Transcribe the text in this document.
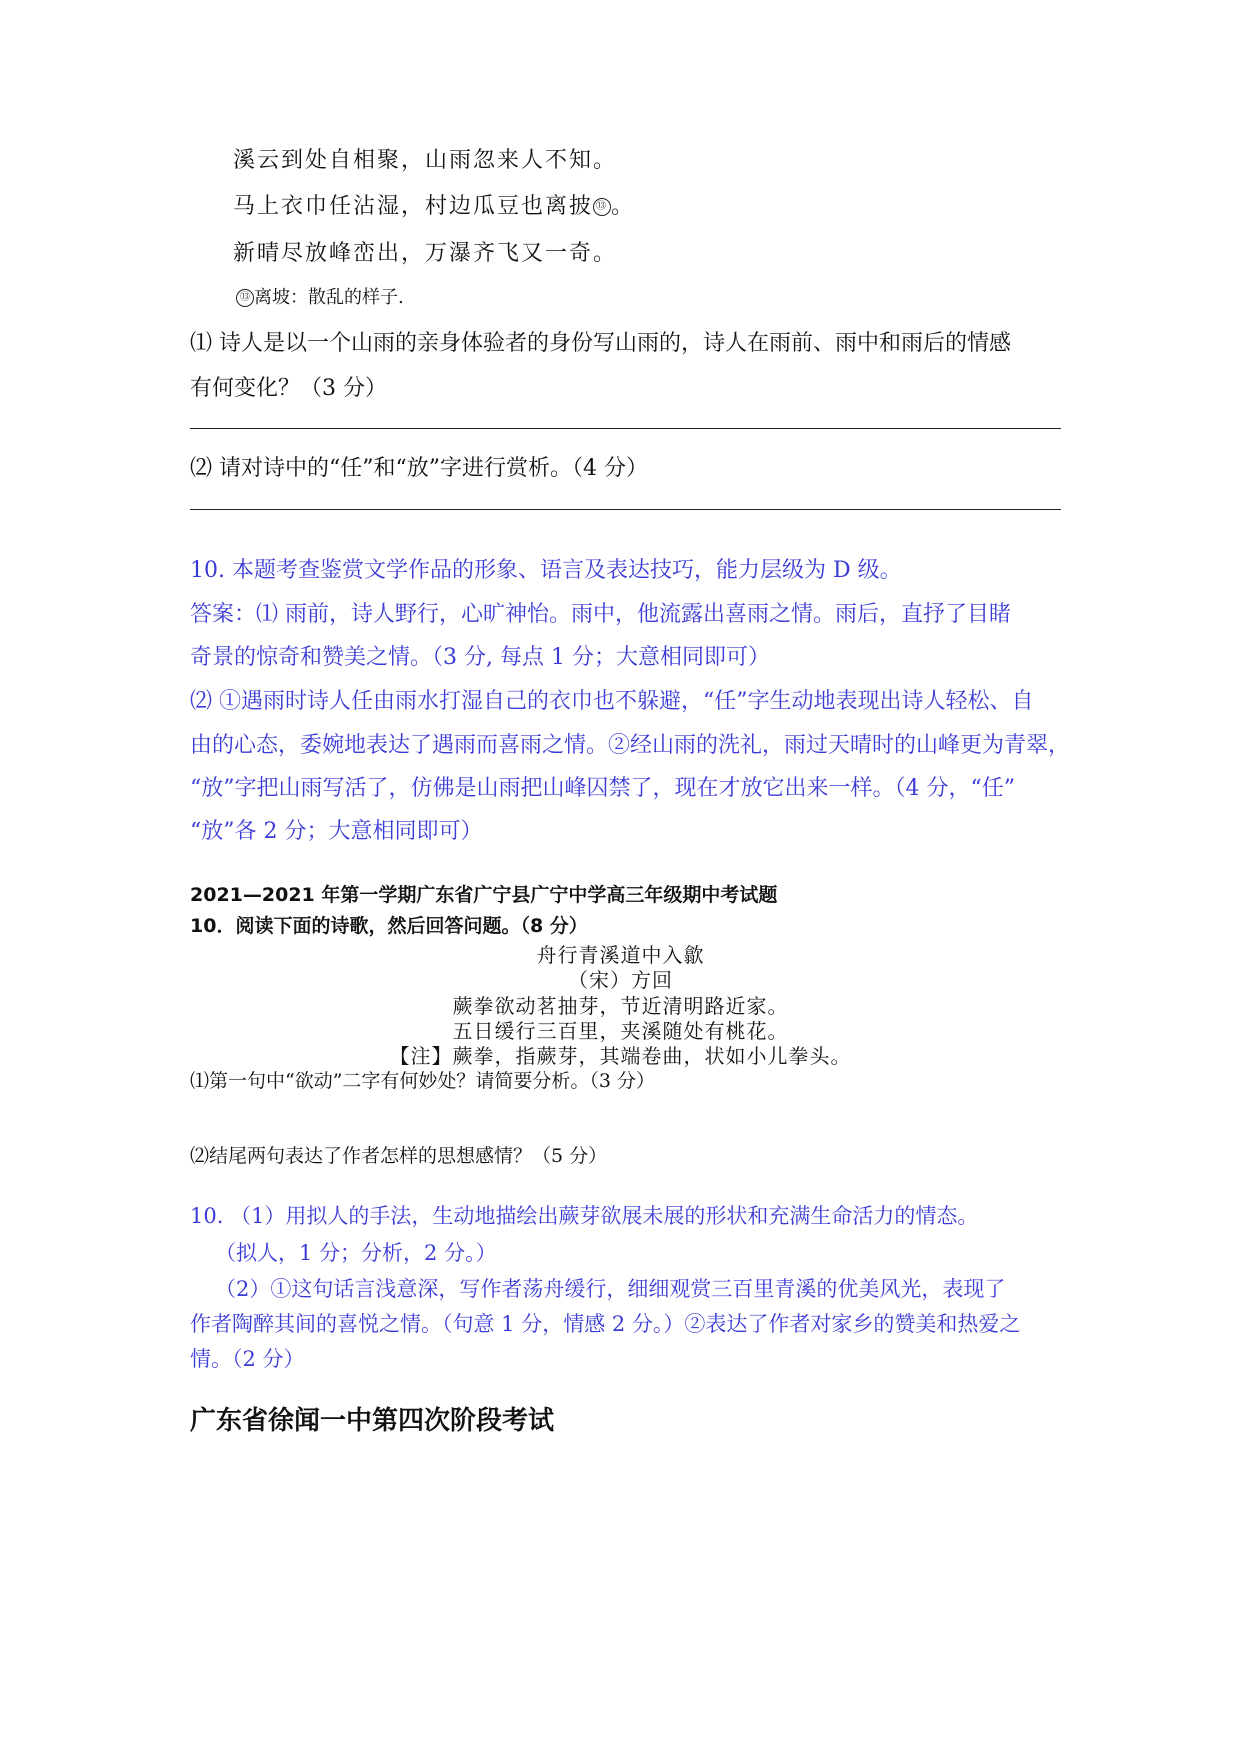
溪云到处自相聚，山雨忽来人不知。
马上衣巾任沾湿，村边瓜豆也离披 ⑬ 。
新晴尽放峰峦出，万瀑齐飞又一奇。
⑬ 离坡：散乱的样子.
⑴ 诗人是以一个山雨的亲身体验者的身份写山雨的，诗人在雨前、雨中和雨后的情感
有何变化？（3 分）
⑵ 请对诗中的“任”和“放”字进行赏析。（4 分）
10. 本题考查鉴赏文学作品的形象、语言及表达技巧，能力层级为 D 级。
答案：⑴ 雨前，诗人野行，心旷神怡。雨中，他流露出喜雨之情。雨后，直抒了目睹
奇景的惊奇和赞美之情。（3 分, 每点 1 分；大意相同即可）
⑵ ①遇雨时诗人任由雨水打湿自己的衣巾也不躲避，“任”字生动地表现出诗人轻松、自
由的心态，委婉地表达了遇雨而喜雨之情。②经山雨的洗礼，雨过天晴时的山峰更为青翠，
“放”字把山雨写活了，仿佛是山雨把山峰囚禁了，现在才放它出来一样。（4 分，“任”
“放”各 2 分；大意相同即可）
2021—2021 年第一学期广东省广宁县广宁中学高三年级期中考试题
10．阅读下面的诗歌，然后回答问题。（8 分）
舟行青溪道中入歙
（宋）方回
蕨拳欲动茗抽芽，节近清明路近家。
五日缓行三百里，夹溪随处有桃花。
【注】蕨拳，指蕨芽，其端卷曲，状如小儿拳头。
⑴第一句中“欲动”二字有何妙处？请简要分析。（3 分）
⑵结尾两句表达了作者怎样的思想感情？（5 分）
10. （1）用拟人的手法，生动地描绘出蕨芽欲展未展的形状和充满生命活力的情态。
（拟人，1 分；分析，2 分。）
（2）①这句话言浅意深，写作者荡舟缓行，细细观赏三百里青溪的优美风光，表现了
作者陶醉其间的喜悦之情。（句意 1 分，情感 2 分。）②表达了作者对家乡的赞美和热爱之
情。（2 分）
广东省徐闻一中第四次阶段考试
